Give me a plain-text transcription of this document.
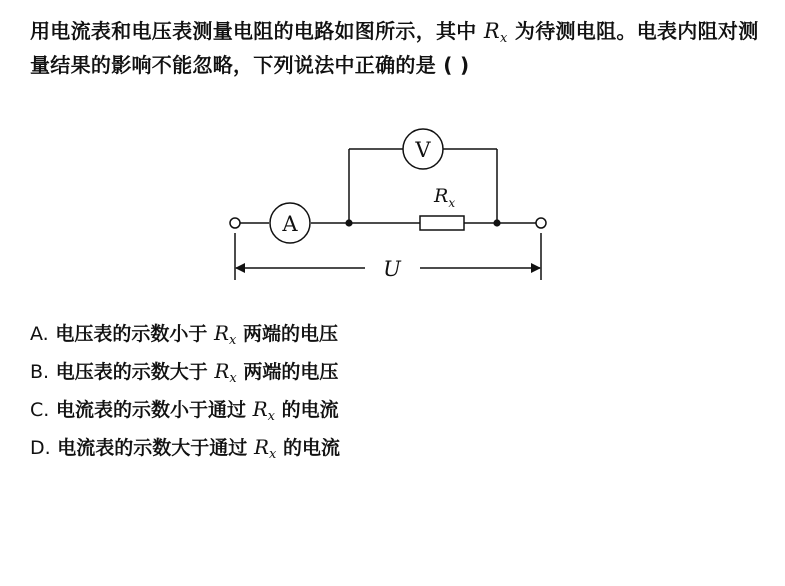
用电流表和电压表测量电阻的电路如图所示，其中 $R_x$ 为待测电阻。电表内阻对测量结果的影响不能忽略，下列说法中正确的是 ( )
V
A
$R_x$
U
A. 电压表的示数小于 $R_x$ 两端的电压
B. 电压表的示数大于 $R_x$ 两端的电压
C. 电流表的示数小于通过 $R_x$ 的电流
D. 电流表的示数大于通过 $R_x$ 的电流
